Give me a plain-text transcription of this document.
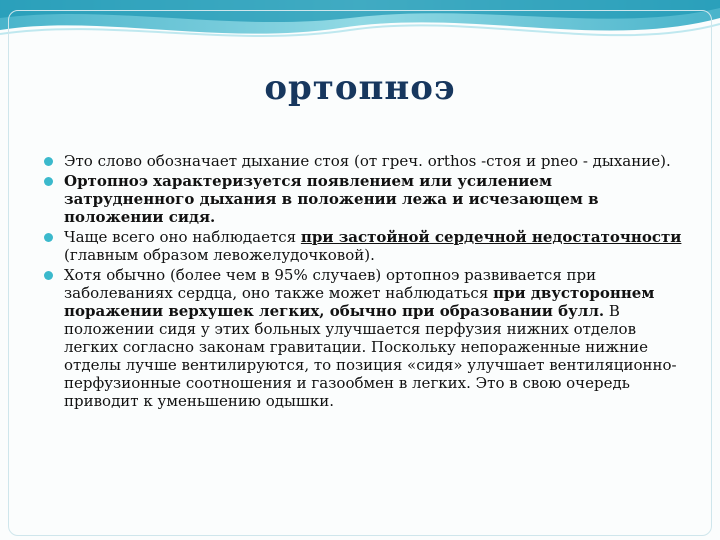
ортопноэ
Это слово обозначает дыхание стоя (от греч. orthos -стоя и pneo - дыхание).
Ортопноэ характеризуется появлением или усилением затрудненного дыхания в положении лежа и исчезающем в положении сидя.
Чаще всего оно наблюдается при застойной сердечной недостаточности (главным образом левожелудочковой).
Хотя обычно (более чем в 95% случаев) ортопноэ развивается при заболеваниях сердца, оно также может наблюдаться при двустороннем поражении верхушек легких, обычно при образовании булл. В положении сидя у этих больных улучшается перфузия нижних отделов легких согласно законам гравитации. Поскольку непораженные нижние отделы лучше вентилируются, то позиция «сидя» улучшает вентиляционно-перфузионные соотношения и газообмен в легких. Это в свою очередь приводит к уменьшению одышки.
